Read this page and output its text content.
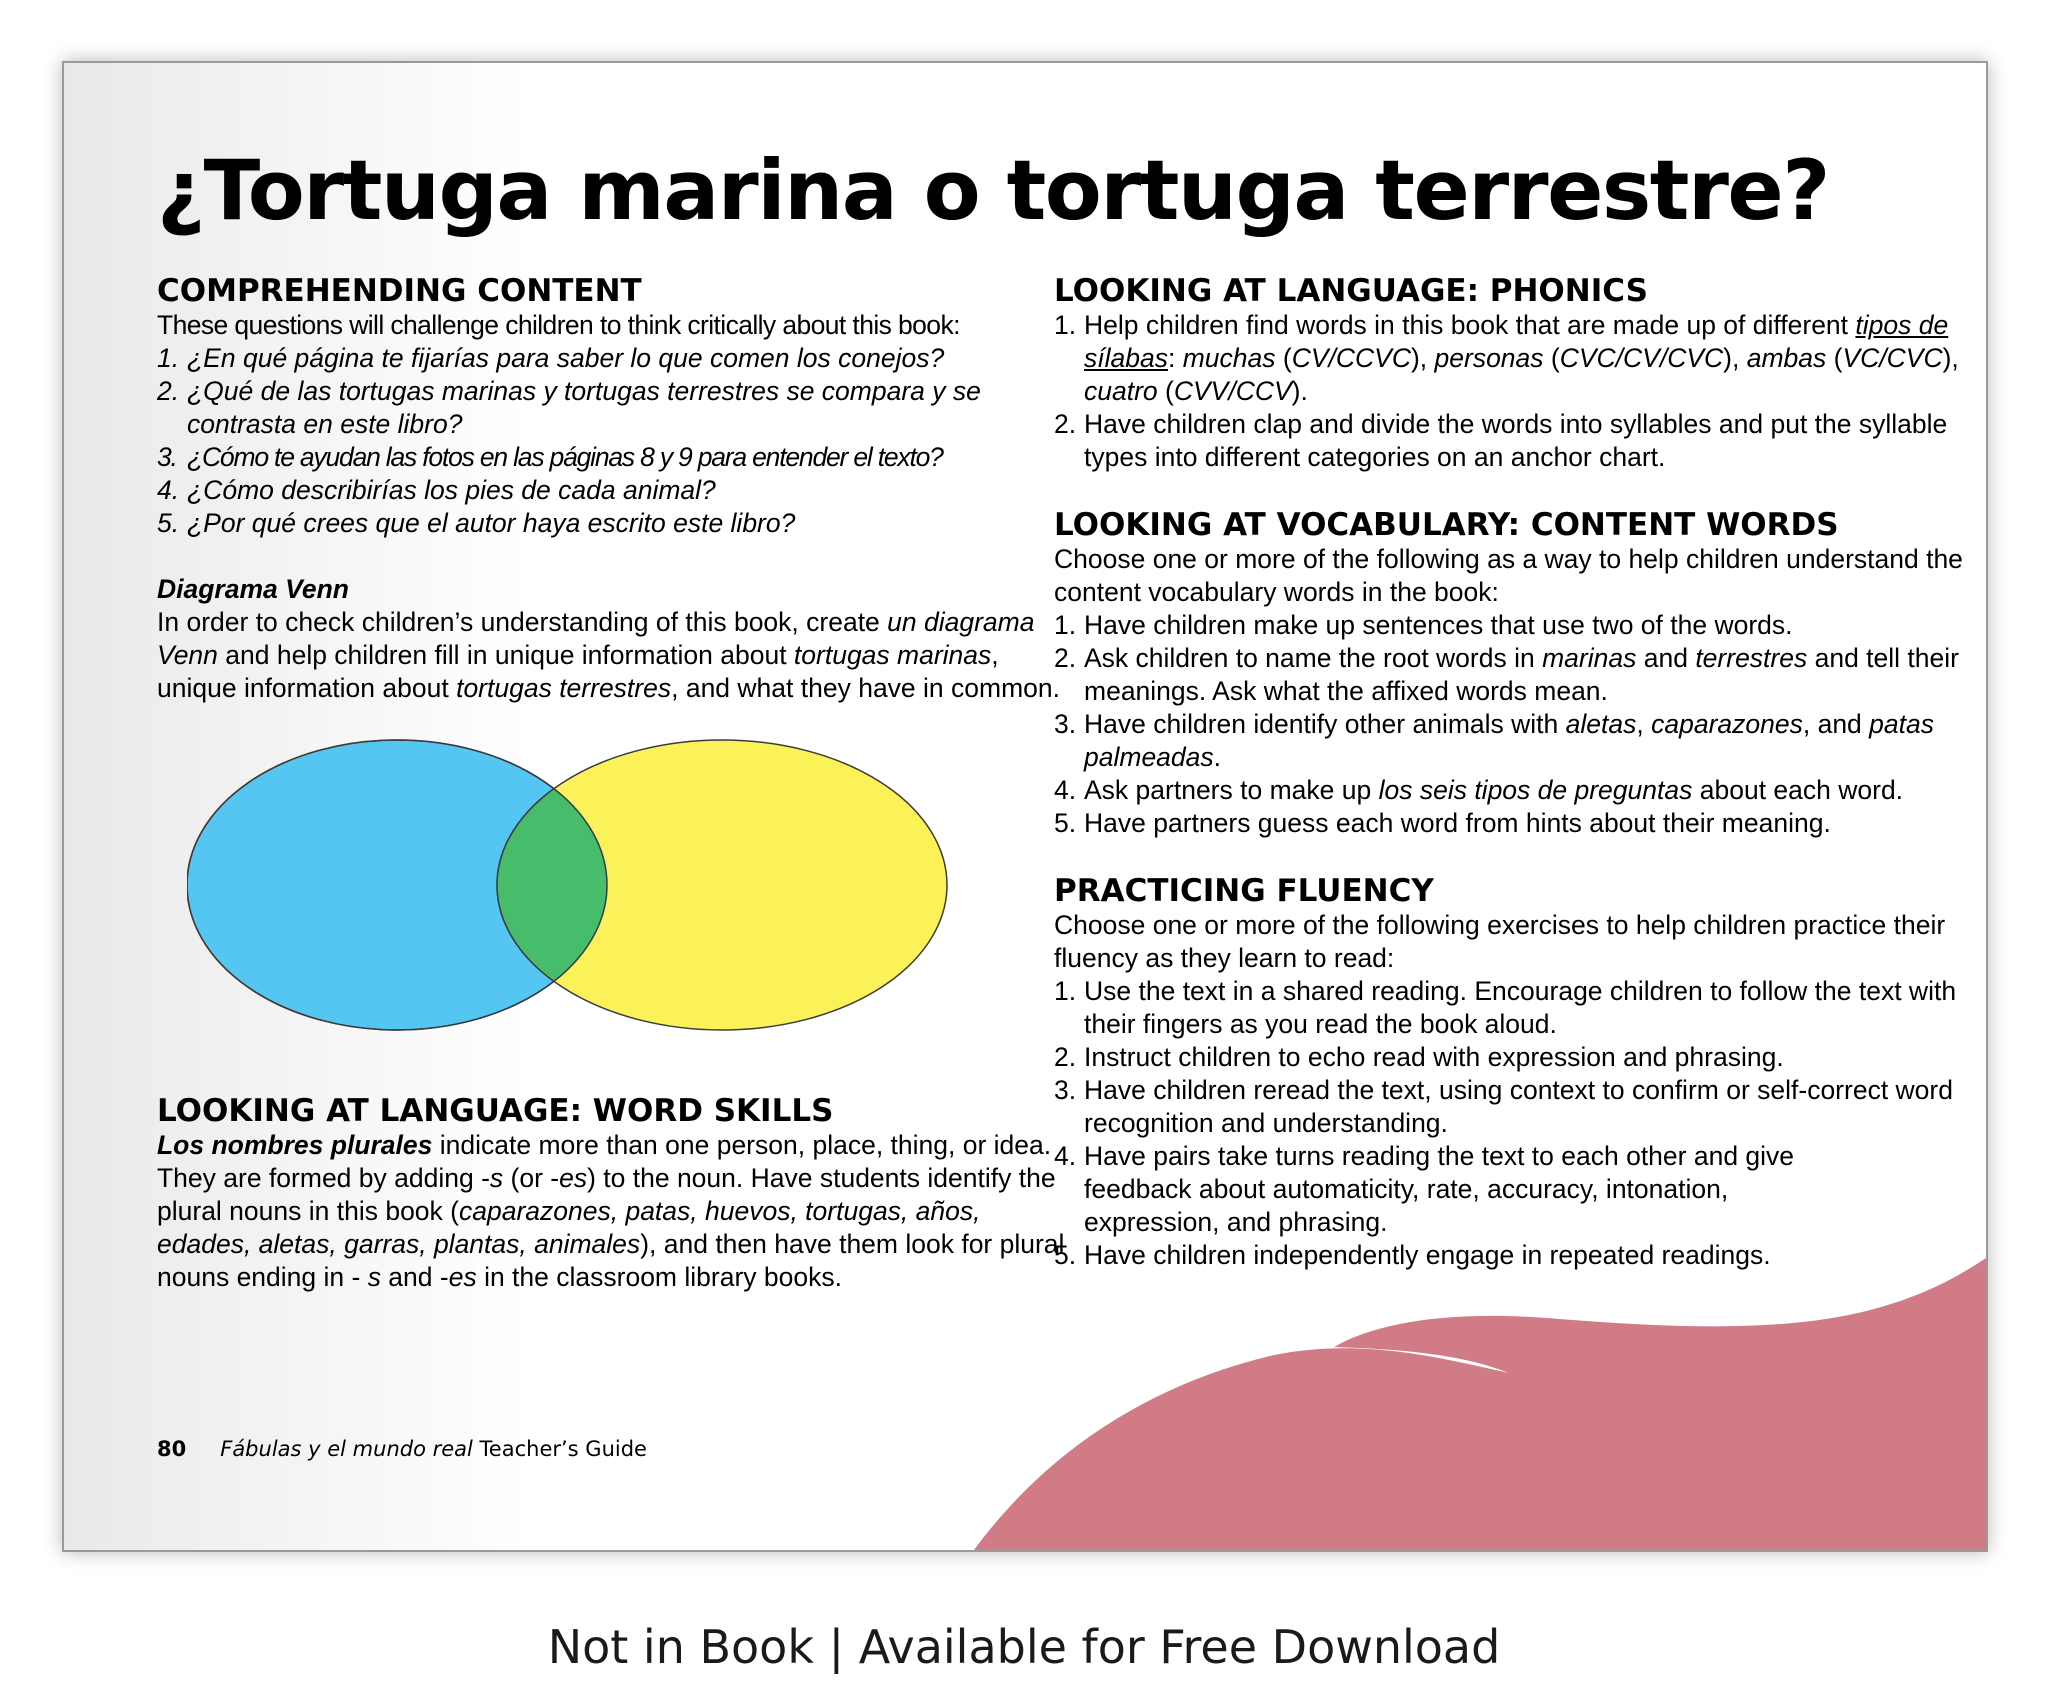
¿Tortuga marina o tortuga terrestre?
COMPREHENDING CONTENT

These questions will challenge children to think critically about this book:

1. ¿En qué página te fijarías para saber lo que comen los conejos?
2. ¿Qué de las tortugas marinas y tortugas terrestres se compara y se contrasta en este libro?
3. ¿Cómo te ayudan las fotos en las páginas 8 y 9 para entender el texto?
4. ¿Cómo describirías los pies de cada animal?
5. ¿Por qué crees que el autor haya escrito este libro?

Diagrama Venn

In order to check children’s understanding of this book, create un diagrama Venn and help children fill in unique information about tortugas marinas, unique information about tortugas terrestres, and what they have in common.

LOOKING AT LANGUAGE: WORD SKILLS

Los nombres plurales indicate more than one person, place, thing, or idea. They are formed by adding -s (or -es) to the noun. Have students identify the plural nouns in this book (caparazones, patas, huevos, tortugas, años, edades, aletas, garras, plantas, animales), and then have them look for plural nouns ending in - s and -es in the classroom library books.

LOOKING AT LANGUAGE: PHONICS
1. Help children find words in this book that are made up of different tipos de sílabas: muchas (CV/CCVC), personas (CVC/CV/CVC), ambas (VC/CVC), cuatro (CVV/CCV).
2. Have children clap and divide the words into syllables and put the syllable types into different categories on an anchor chart.
LOOKING AT VOCABULARY: CONTENT WORDS

Choose one or more of the following as a way to help children understand the content vocabulary words in the book:

1. Have children make up sentences that use two of the words.
2. Ask children to name the root words in marinas and terrestres and tell their meanings. Ask what the affixed words mean.
3. Have children identify other animals with aletas, caparazones, and patas palmeadas.
4. Ask partners to make up los seis tipos de preguntas about each word.
5. Have partners guess each word from hints about their meaning.
PRACTICING FLUENCY

Choose one or more of the following exercises to help children practice their fluency as they learn to read:

1. Use the text in a shared reading. Encourage children to follow the text with their fingers as you read the book aloud.
2. Instruct children to echo read with expression and phrasing.
3. Have children reread the text, using context to confirm or self-correct word recognition and understanding.
4. Have pairs take turns reading the text to each other and give feedback about automaticity, rate, accuracy, intonation, expression, and phrasing.
5. Have children independently engage in repeated readings.
80 Fábulas y el mundo real Teacher’s Guide
Not in Book | Available for Free Download
